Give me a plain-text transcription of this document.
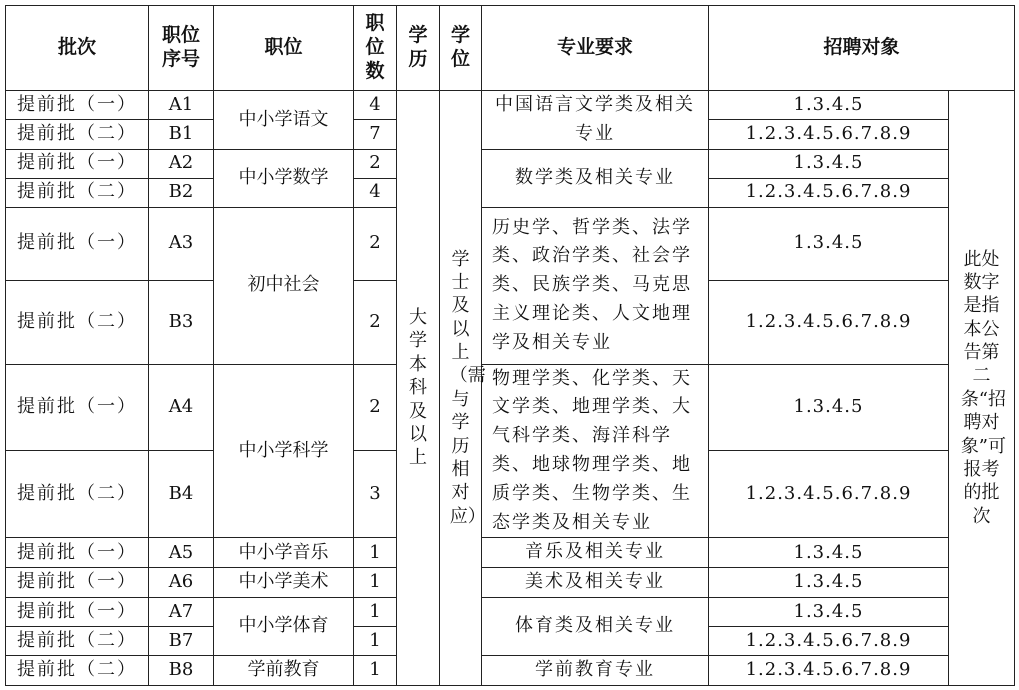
批次	职位序号	职位	职位数	学历	学位	专业要求	招聘对象	
提前批（一）	A1	中小学语文	4	大学本科及以上	学士及以上（需与学历相对应）	中国语言文学类及相关专业	1.3.4.5	此处数字是指本公告第二条“招聘对象”可报考的批次

提前批（二）	B1		7				1.2.3.4.5.6.7.8.9	
提前批（一）	A2	中小学数学	2			数学类及相关专业	1.3.4.5	
提前批（二）	B2		4				1.2.3.4.5.6.7.8.9	
提前批（一）	A3	初中社会	2			历史学、哲学类、法学类、政治学类、社会学类、民族学类、马克思主义理论类、人文地理学及相关专业	1.3.4.5	
提前批（二）	B3		2				1.2.3.4.5.6.7.8.9	
提前批（一）	A4	中小学科学	2			物理学类、化学类、天文学类、地理学类、大气科学类、海洋科学类、地球物理学类、地质学类、生物学类、生态学类及相关专业	1.3.4.5	
提前批（二）	B4		3				1.2.3.4.5.6.7.8.9	
提前批（一）	A5	中小学音乐	1			音乐及相关专业	1.3.4.5	
提前批（一）	A6	中小学美术	1			美术及相关专业	1.3.4.5	
提前批（一）	A7	中小学体育	1			体育类及相关专业	1.3.4.5	
提前批（二）	B7		1				1.2.3.4.5.6.7.8.9	
提前批（二）	B8	学前教育	1			学前教育专业	1.2.3.4.5.6.7.8.9	
